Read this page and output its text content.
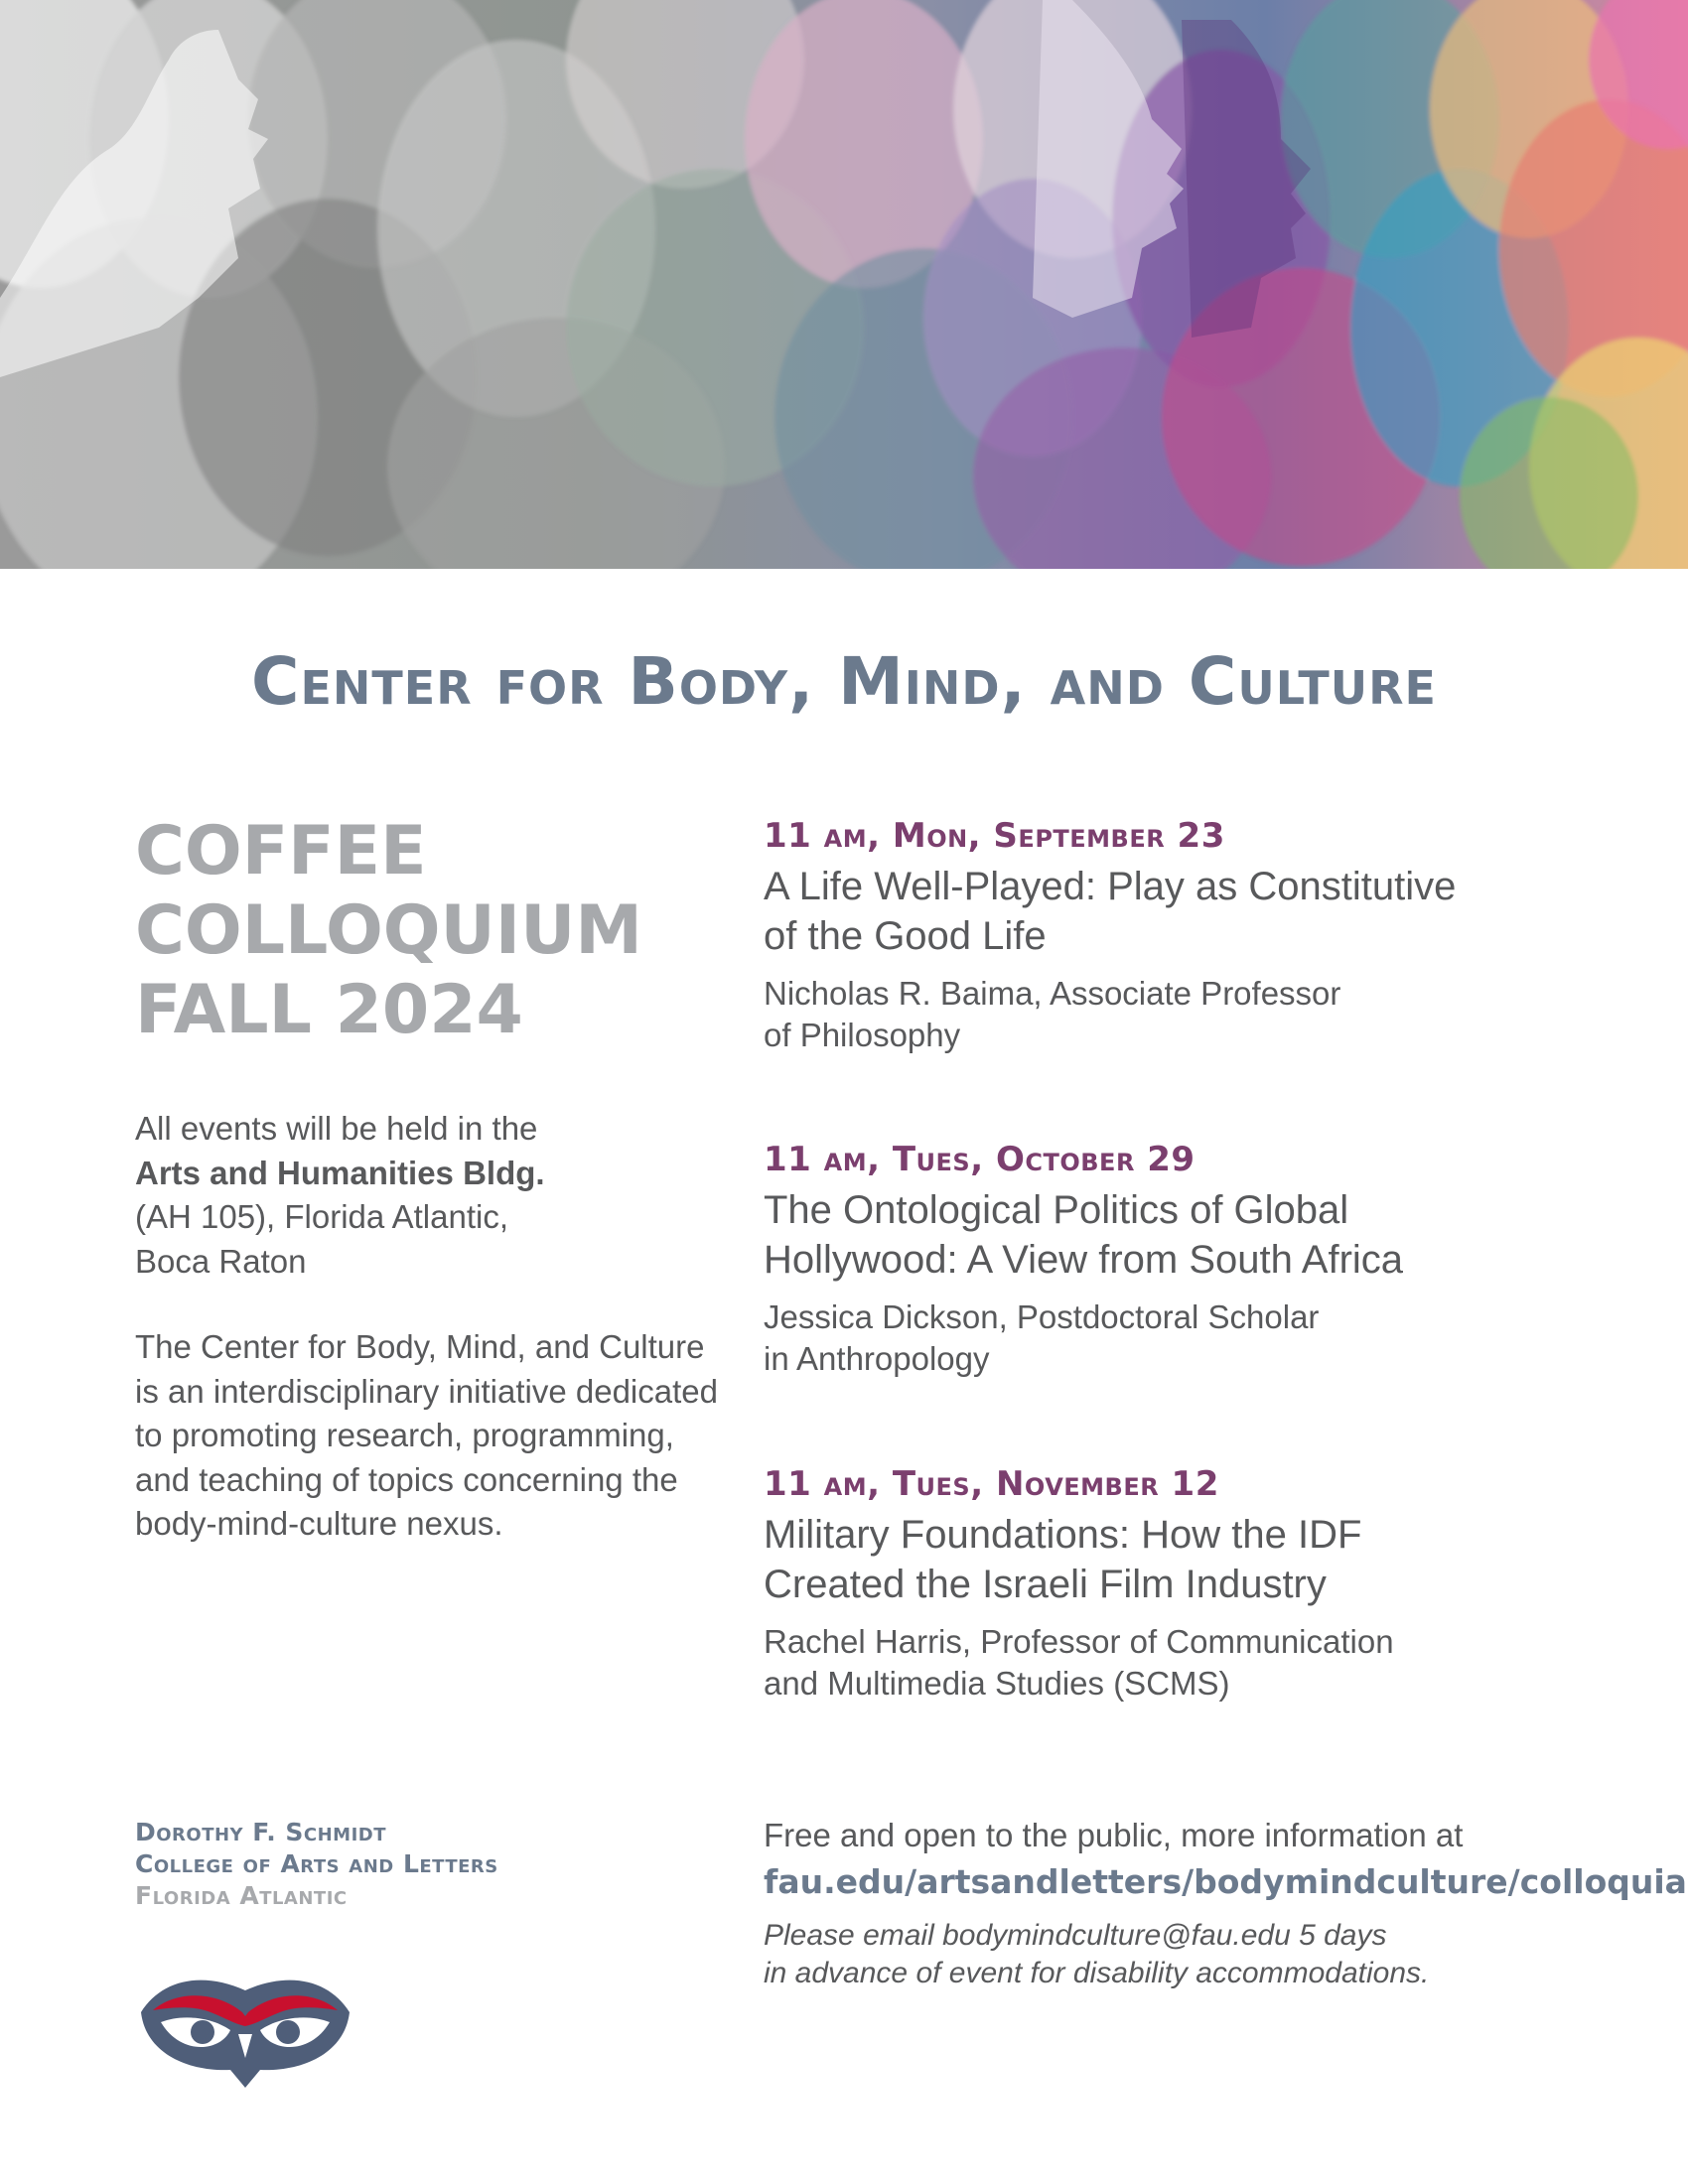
Center for Body, Mind, and Culture
COFFEE
COLLOQUIUM
FALL 2024
All events will be held in the
Arts and Humanities Bldg.
(AH 105), Florida Atlantic,
Boca Raton
The Center for Body, Mind, and Culture is an interdisciplinary initiative dedicated to promoting research, programming, and teaching of topics concerning the body-mind-culture nexus.
11 am, Mon, September 23
A Life Well-Played: Play as Constitutive
of the Good Life
Nicholas R. Baima, Associate Professor
of Philosophy
11 am, Tues, October 29
The Ontological Politics of Global
Hollywood: A View from South Africa
Jessica Dickson, Postdoctoral Scholar
in Anthropology
11 am, Tues, November 12
Military Foundations: How the IDF
Created the Israeli Film Industry
Rachel Harris, Professor of Communication
and Multimedia Studies (SCMS)
Dorothy F. Schmidt
College of Arts and Letters
Florida Atlantic
Free and open to the public, more information at
fau.edu/artsandletters/bodymindculture/colloquia
Please email bodymindculture@fau.edu 5 days
in advance of event for disability accommodations.
